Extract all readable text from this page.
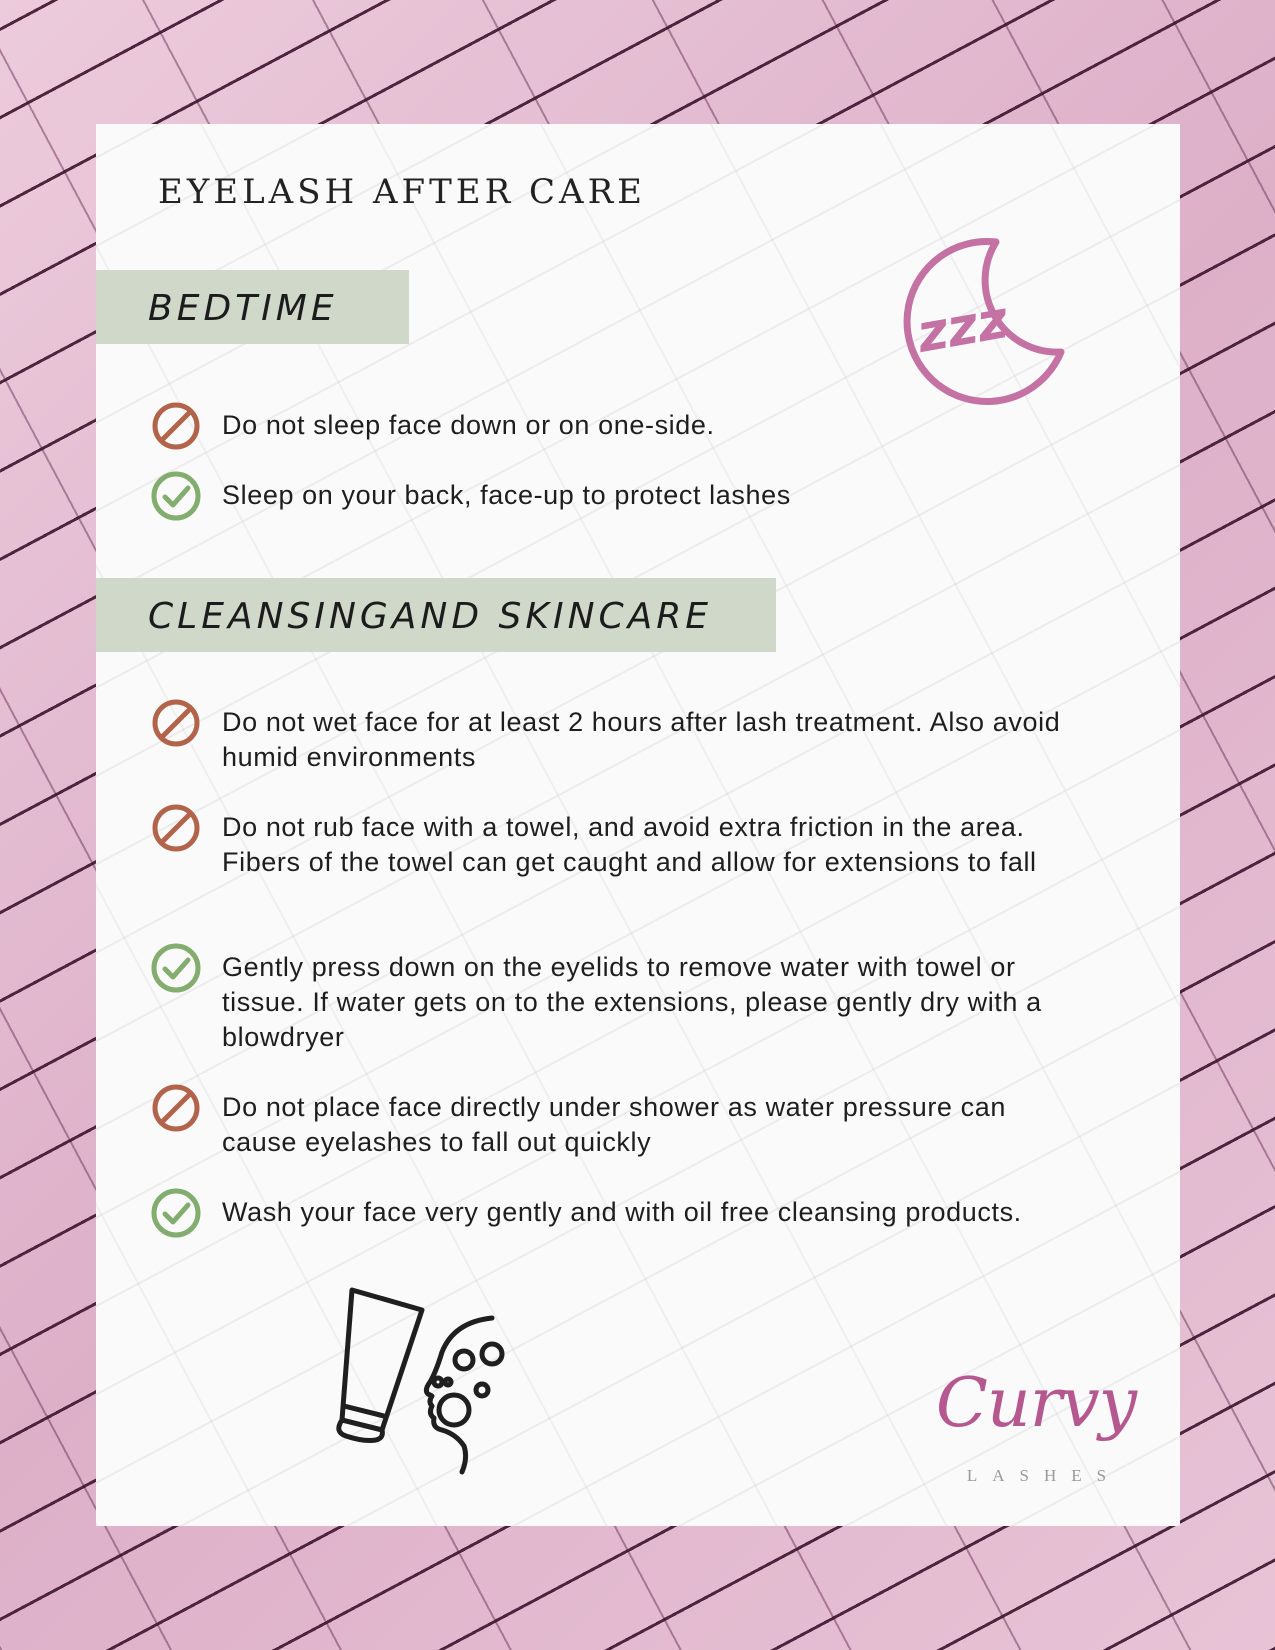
EYELASH AFTER CARE
zzz
BEDTIME
Do not sleep face down or on one-side.
Sleep on your back, face-up to protect lashes
CLEANSINGAND SKINCARE
Do not wet face for at least 2 hours after lash treatment. Also avoid humid environments
Do not rub face with a towel, and avoid extra friction in the area. Fibers of the towel can get caught and allow for extensions to fall
Gently press down on the eyelids to remove water with towel or tissue. If water gets on to the extensions, please gently dry with a blowdryer
Do not place face directly under shower as water pressure can cause eyelashes to fall out quickly
Wash your face very gently and with oil free cleansing products.
Curvy
LASHES
